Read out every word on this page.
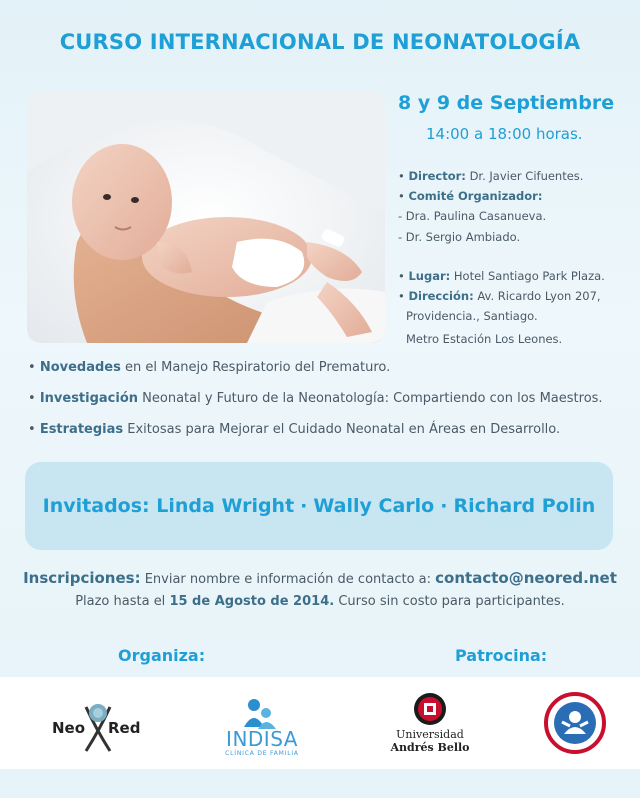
CURSO INTERNACIONAL DE NEONATOLOGÍA
8 y 9 de Septiembre
14:00 a 18:00 horas.
• Director: Dr. Javier Cifuentes.
• Comité Organizador:
- Dra. Paulina Casanueva.
- Dr. Sergio Ambiado.
• Lugar: Hotel Santiago Park Plaza.
• Dirección: Av. Ricardo Lyon 207,
Providencia., Santiago.
Metro Estación Los Leones.
• Novedades en el Manejo Respiratorio del Prematuro.
• Investigación Neonatal y Futuro de la Neonatología: Compartiendo con los Maestros.
• Estrategias Exitosas para Mejorar el Cuidado Neonatal en Áreas en Desarrollo.
Invitados:
Linda Wright · Wally Carlo · Richard Polin
Inscripciones: Enviar nombre e información de contacto a: contacto@neored.net
Plazo hasta el 15 de Agosto de 2014. Curso sin costo para participantes.
Organiza:	Patrocina:
Neo Red	INDISA
CLÍNICA DE FAMILIA
Universidad
Andrés Bello
